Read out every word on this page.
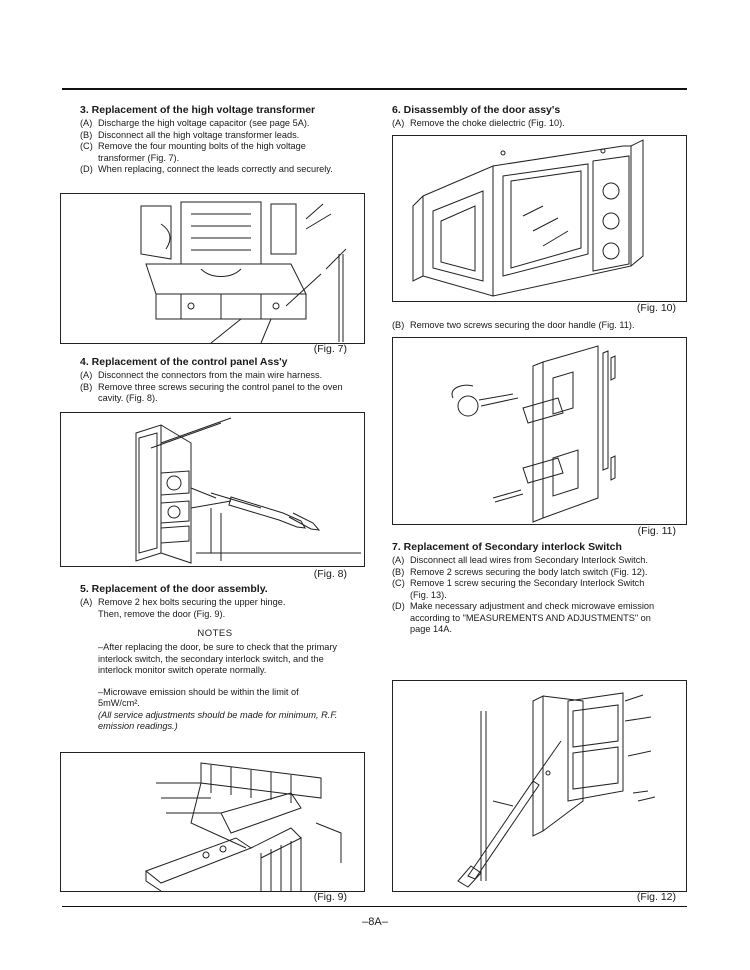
3. Replacement of the high voltage transformer
(A) Discharge the high voltage capacitor (see page 5A).
(B) Disconnect all the high voltage transformer leads.
(C) Remove the four mounting bolts of the high voltage transformer (Fig. 7).
(D) When replacing, connect the leads correctly and securely.
(Fig. 7)
4. Replacement of the control panel Ass'y
(A) Disconnect the connectors from the main wire harness.
(B) Remove three screws securing the control panel to the oven cavity. (Fig. 8).
(Fig. 8)
5. Replacement of the door assembly.
(A) Remove 2 hex bolts securing the upper hinge.
Then, remove the door (Fig. 9).
NOTES
–After replacing the door, be sure to check that the primary interlock switch, the secondary interlock switch, and the interlock monitor switch operate normally.
–Microwave emission should be within the limit of 5mW/cm².
(All service adjustments should be made for minimum, R.F. emission readings.)
(Fig. 9)
6. Disassembly of the door assy's
(A) Remove the choke dielectric (Fig. 10).
(Fig. 10)
(B) Remove two screws securing the door handle (Fig. 11).
(Fig. 11)
7. Replacement of Secondary interlock Switch
(A) Disconnect all lead wires from Secondary Interlock Switch.
(B) Remove 2 screws securing the body latch switch (Fig. 12).
(C) Remove 1 screw securing the Secondary Interlock Switch (Fig. 13).
(D) Make necessary adjustment and check microwave emission according to "MEASUREMENTS AND ADJUSTMENTS" on page 14A.
(Fig. 12)
–8A–
